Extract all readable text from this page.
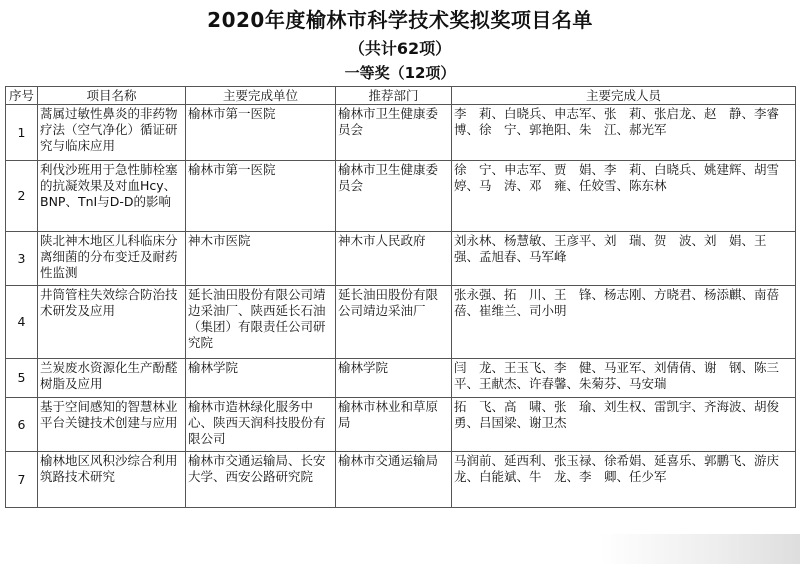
2020年度榆林市科学技术奖拟奖项目名单
（共计62项）
一等奖（12项）
序号	项目名称	主要完成单位	推荐部门	主要完成人员
1	蒿属过敏性鼻炎的非药物疗法（空气净化）循证研究与临床应用	榆林市第一医院	榆林市卫生健康委员会	李　莉、白晓兵、申志军、张　莉、张启龙、赵　静、李睿博、徐　宁、郭艳阳、朱　江、郝光军
2	利伐沙班用于急性肺栓塞的抗凝效果及对血Hcy、BNP、TnI与D-D的影响	榆林市第一医院	榆林市卫生健康委员会	徐　宁、申志军、贾　娟、李　莉、白晓兵、姚建辉、胡雪婷、马　涛、邓　雍、任姣雪、陈东林
3	陕北神木地区儿科临床分离细菌的分布变迁及耐药性监测	神木市医院	神木市人民政府	刘永林、杨慧敏、王彦平、刘　瑞、贺　波、刘　娟、王　强、孟旭春、马军峰
4	井筒管柱失效综合防治技术研发及应用	延长油田股份有限公司靖边采油厂、陕西延长石油（集团）有限责任公司研究院	延长油田股份有限公司靖边采油厂	张永强、拓　川、王　锋、杨志刚、方晓君、杨添麒、南蓓蓓、崔维兰、司小明
5	兰炭废水资源化生产酚醛树脂及应用	榆林学院	榆林学院	闫　龙、王玉飞、李　健、马亚军、刘倩倩、谢　钢、陈三平、王献杰、许春馨、朱菊芬、马安瑞
6	基于空间感知的智慧林业平台关键技术创建与应用	榆林市造林绿化服务中心、陕西天润科技股份有限公司	榆林市林业和草原局	拓　飞、高　啸、张　瑜、刘生权、雷凯宇、齐海波、胡俊勇、吕国梁、谢卫杰
7	榆林地区风积沙综合利用筑路技术研究	榆林市交通运输局、长安大学、西安公路研究院	榆林市交通运输局	马润前、延西利、张玉禄、徐希娟、延喜乐、郭鹏飞、游庆龙、白能斌、牛　龙、李　卿、任少军
